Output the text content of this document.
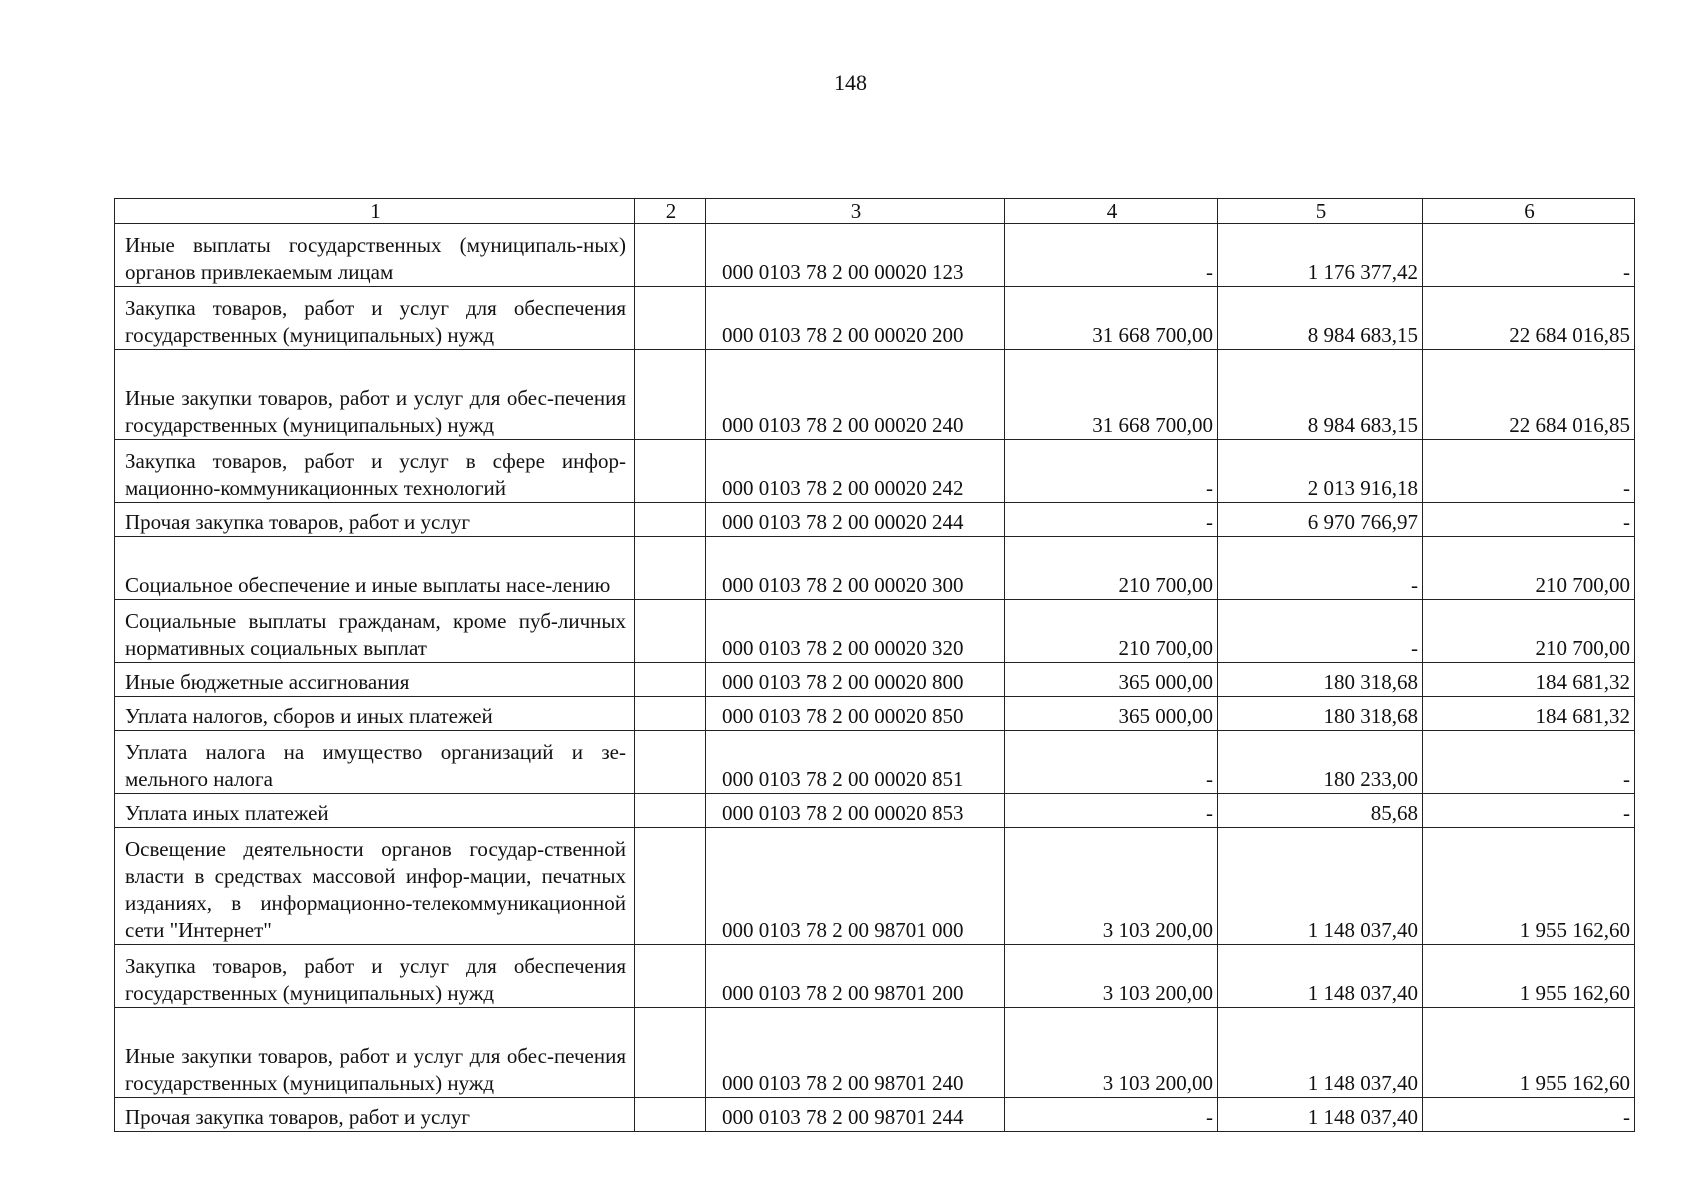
148
1	2	3	4	5	6
Иные выплаты государственных (муниципаль-ных) органов привлекаемым лицам		000 0103 78 2 00 00020 123	-	1 176 377,42	-
Закупка товаров, работ и услуг для обеспечения государственных (муниципальных) нужд		000 0103 78 2 00 00020 200	31 668 700,00	8 984 683,15	22 684 016,85
Иные закупки товаров, работ и услуг для обес-печения государственных (муниципальных) нужд		000 0103 78 2 00 00020 240	31 668 700,00	8 984 683,15	22 684 016,85
Закупка товаров, работ и услуг в сфере инфор-мационно-коммуникационных технологий		000 0103 78 2 00 00020 242	-	2 013 916,18	-
Прочая закупка товаров, работ и услуг		000 0103 78 2 00 00020 244	-	6 970 766,97	-
Социальное обеспечение и иные выплаты насе-лению		000 0103 78 2 00 00020 300	210 700,00	-	210 700,00
Социальные выплаты гражданам, кроме пуб-личных нормативных социальных выплат		000 0103 78 2 00 00020 320	210 700,00	-	210 700,00
Иные бюджетные ассигнования		000 0103 78 2 00 00020 800	365 000,00	180 318,68	184 681,32
Уплата налогов, сборов и иных платежей		000 0103 78 2 00 00020 850	365 000,00	180 318,68	184 681,32
Уплата налога на имущество организаций и зе-мельного налога		000 0103 78 2 00 00020 851	-	180 233,00	-
Уплата иных платежей		000 0103 78 2 00 00020 853	-	85,68	-
Освещение деятельности органов государ-ственной власти в средствах массовой инфор-мации, печатных изданиях, в информационно-телекоммуникационной сети "Интернет"		000 0103 78 2 00 98701 000	3 103 200,00	1 148 037,40	1 955 162,60
Закупка товаров, работ и услуг для обеспечения государственных (муниципальных) нужд		000 0103 78 2 00 98701 200	3 103 200,00	1 148 037,40	1 955 162,60
Иные закупки товаров, работ и услуг для обес-печения государственных (муниципальных) нужд		000 0103 78 2 00 98701 240	3 103 200,00	1 148 037,40	1 955 162,60
Прочая закупка товаров, работ и услуг		000 0103 78 2 00 98701 244	-	1 148 037,40	-
